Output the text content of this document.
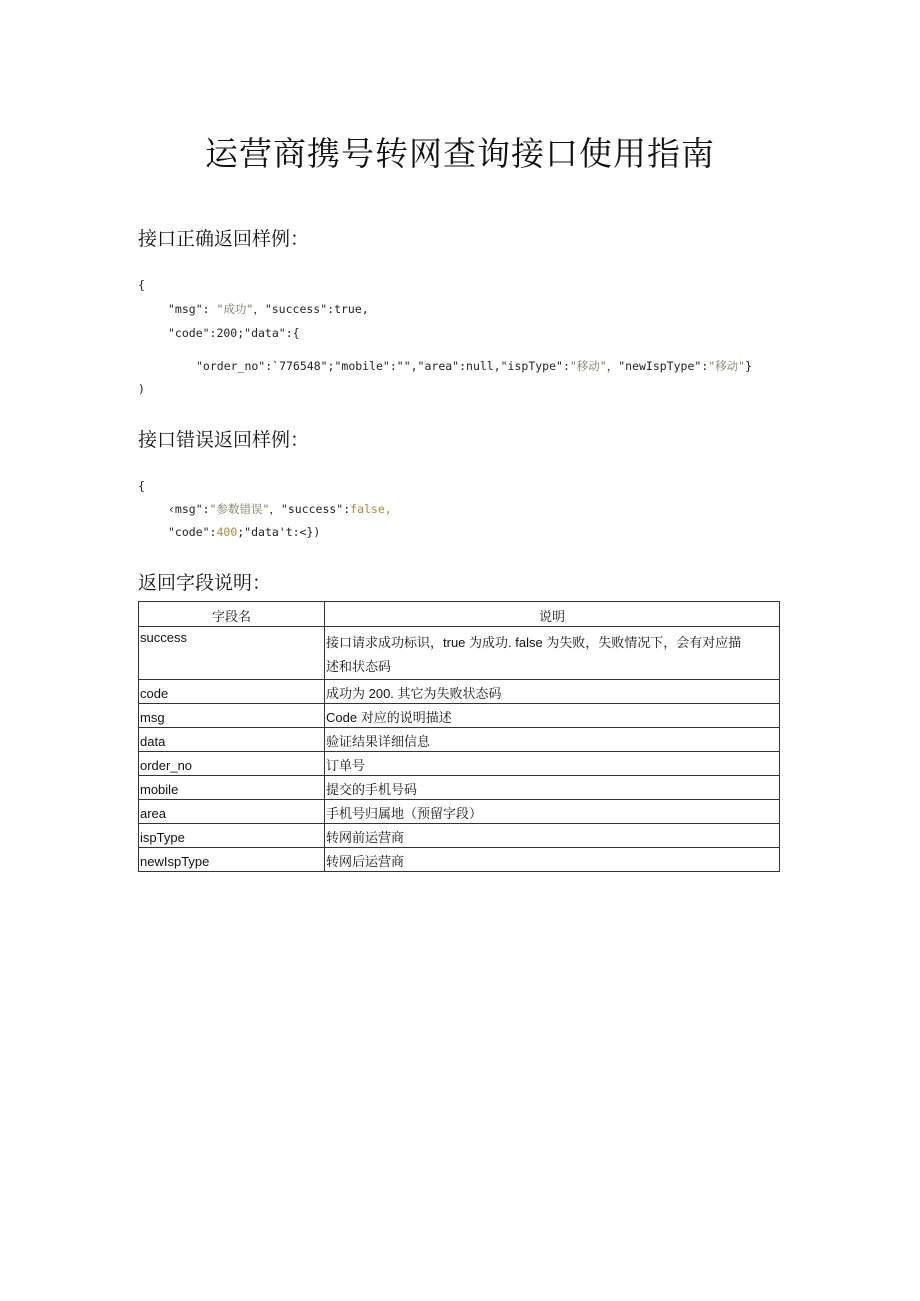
运营商携号转网查询接口使用指南
接口正确返回样例：
{
"msg": "成功"，"success":true,
"code":200;"data":{
"order_no":`776548";"mobile":"","area":null,"ispType":"移动"，"newIspType":"移动"}
)
接口错误返回样例：
{
‹msg":"参数错误"，"success":false,
"code":400;"data't:<})
返回字段说明：
字段名	说明
success	接口请求成功标识，true 为成功. false 为失败，失败情况下，会有对应描
述和状态码
code	成功为 200. 其它为失败状态码
msg	Code 对应的说明描述
data	验证结果详细信息
order_no	订单号
mobile	提交的手机号码
area	手机号归属地（预留字段）
ispType	转网前运营商
newIspType	转网后运营商
